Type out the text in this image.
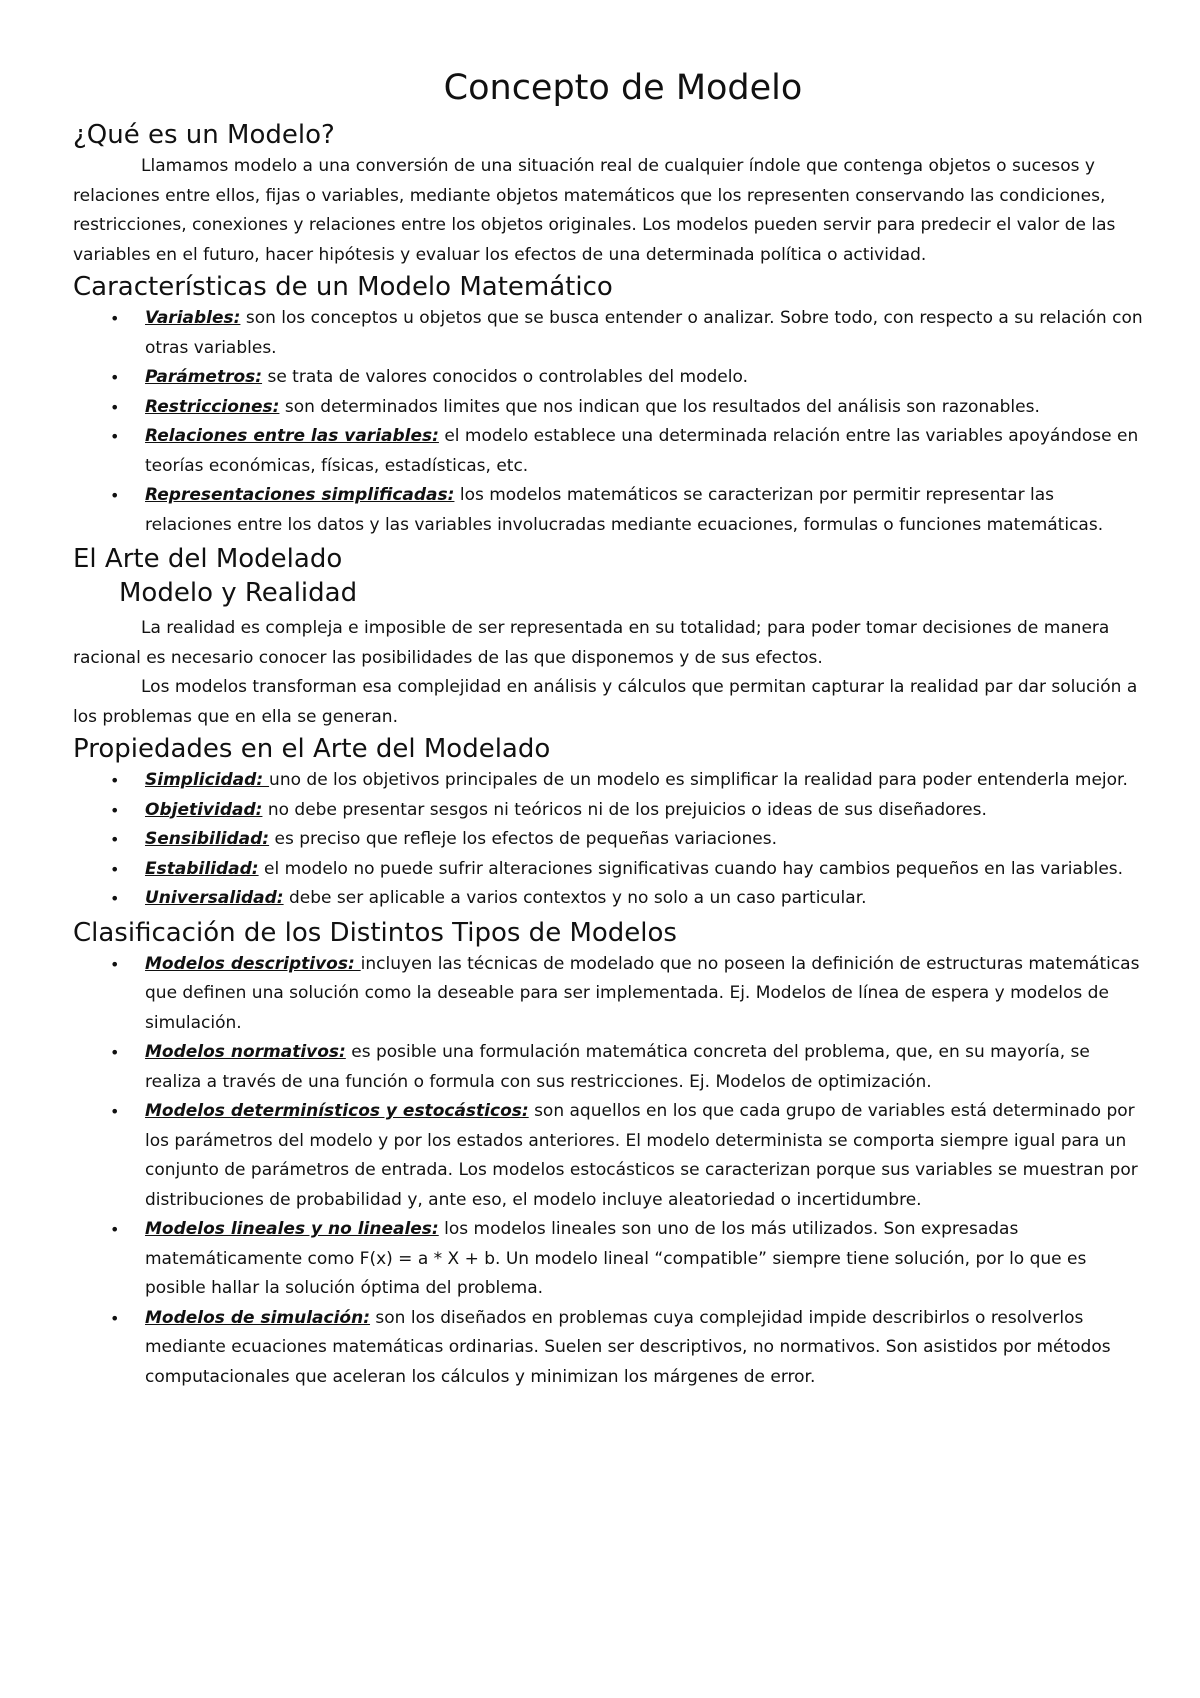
Concepto de Modelo
¿Qué es un Modelo?

Llamamos modelo a una conversión de una situación real de cualquier índole que contenga objetos o sucesos y relaciones entre ellos, fijas o variables, mediante objetos matemáticos que los representen conservando las condiciones, restricciones, conexiones y relaciones entre los objetos originales. Los modelos pueden servir para predecir el valor de las variables en el futuro, hacer hipótesis y evaluar los efectos de una determinada política o actividad.

Características de un Modelo Matemático
• Variables: son los conceptos u objetos que se busca entender o analizar. Sobre todo, con respecto a su relación con otras variables.
• Parámetros: se trata de valores conocidos o controlables del modelo.
• Restricciones: son determinados limites que nos indican que los resultados del análisis son razonables.
• Relaciones entre las variables: el modelo establece una determinada relación entre las variables apoyándose en teorías económicas, físicas, estadísticas, etc.
• Representaciones simplificadas: los modelos matemáticos se caracterizan por permitir representar las relaciones entre los datos y las variables involucradas mediante ecuaciones, formulas o funciones matemáticas.
El Arte del Modelado
Modelo y Realidad

La realidad es compleja e imposible de ser representada en su totalidad; para poder tomar decisiones de manera racional es necesario conocer las posibilidades de las que disponemos y de sus efectos.

Los modelos transforman esa complejidad en análisis y cálculos que permitan capturar la realidad par dar solución a los problemas que en ella se generan.

Propiedades en el Arte del Modelado
• Simplicidad: uno de los objetivos principales de un modelo es simplificar la realidad para poder entenderla mejor.
• Objetividad: no debe presentar sesgos ni teóricos ni de los prejuicios o ideas de sus diseñadores.
• Sensibilidad: es preciso que refleje los efectos de pequeñas variaciones.
• Estabilidad: el modelo no puede sufrir alteraciones significativas cuando hay cambios pequeños en las variables.
• Universalidad: debe ser aplicable a varios contextos y no solo a un caso particular.
Clasificación de los Distintos Tipos de Modelos
• Modelos descriptivos: incluyen las técnicas de modelado que no poseen la definición de estructuras matemáticas que definen una solución como la deseable para ser implementada. Ej. Modelos de línea de espera y modelos de simulación.
• Modelos normativos: es posible una formulación matemática concreta del problema, que, en su mayoría, se realiza a través de una función o formula con sus restricciones. Ej. Modelos de optimización.
• Modelos determinísticos y estocásticos: son aquellos en los que cada grupo de variables está determinado por los parámetros del modelo y por los estados anteriores. El modelo determinista se comporta siempre igual para un conjunto de parámetros de entrada. Los modelos estocásticos se caracterizan porque sus variables se muestran por distribuciones de probabilidad y, ante eso, el modelo incluye aleatoriedad o incertidumbre.
• Modelos lineales y no lineales: los modelos lineales son uno de los más utilizados. Son expresadas matemáticamente como F(x) = a * X + b. Un modelo lineal “compatible” siempre tiene solución, por lo que es posible hallar la solución óptima del problema.
• Modelos de simulación: son los diseñados en problemas cuya complejidad impide describirlos o resolverlos mediante ecuaciones matemáticas ordinarias. Suelen ser descriptivos, no normativos. Son asistidos por métodos computacionales que aceleran los cálculos y minimizan los márgenes de error.
